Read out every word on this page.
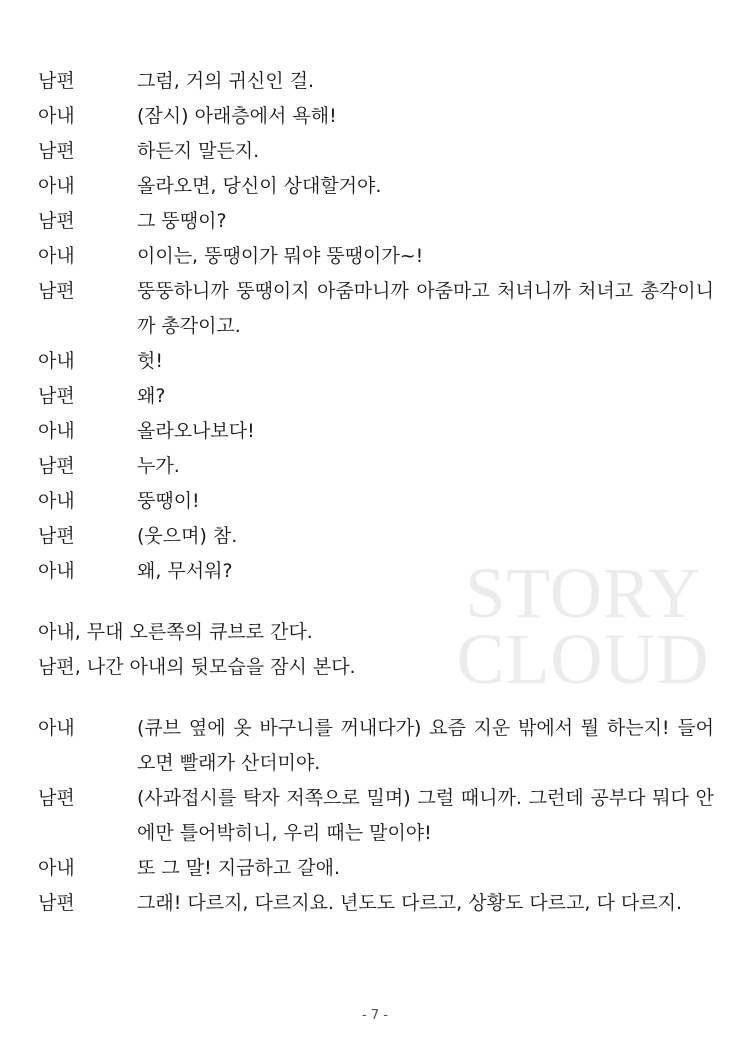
STORY
CLOUD
남편	그럼, 거의 귀신인 걸.
아내	(잠시) 아래층에서 욕해!
남편	하든지 말든지.
아내	올라오면, 당신이 상대할거야.
남편	그 뚱땡이?
아내	이이는, 뚱땡이가 뭐야 뚱땡이가~!
남편	뚱뚱하니까 뚱땡이지 아줌마니까 아줌마고 처녀니까 처녀고 총각이니까 총각이고.
아내	헛!
남편	왜?
아내	올라오나보다!
남편	누가.
아내	뚱땡이!
남편	(웃으며) 참.
아내	왜, 무서워?
아내, 무대 오른쪽의 큐브로 간다.
남편, 나간 아내의 뒷모습을 잠시 본다.
아내	(큐브 옆에 옷 바구니를 꺼내다가) 요즘 지운 밖에서 뭘 하는지! 들어오면 빨래가 산더미야.
남편	(사과접시를 탁자 저쪽으로 밀며) 그럴 때니까. 그런데 공부다 뭐다 안에만 틀어박히니, 우리 때는 말이야!
아내	또 그 말! 지금하고 갈애.
남편	그래! 다르지, 다르지요. 년도도 다르고, 상황도 다르고, 다 다르지.
- 7 -
